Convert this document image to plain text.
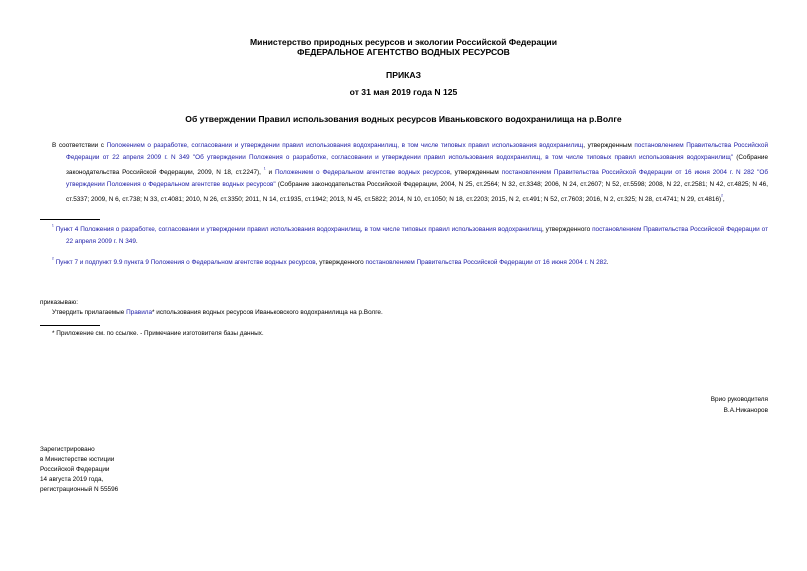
Министерство природных ресурсов и экологии Российской Федерации
ФЕДЕРАЛЬНОЕ АГЕНТСТВО ВОДНЫХ РЕСУРСОВ
ПРИКАЗ
от 31 мая 2019 года N 125
Об утверждении Правил использования водных ресурсов Иваньковского водохранилища на р.Волге

В соответствии с Положением о разработке, согласовании и утверждении правил использования водохранилищ, в том числе типовых правил использования водохранилищ, утвержденным постановлением Правительства Российской Федерации от 22 апреля 2009 г. N 349 "Об утверждении Положения о разработке, согласовании и утверждении правил использования водохранилищ, в том числе типовых правил использования водохранилищ" (Собрание законодательства Российской Федерации, 2009, N 18, ст.2247), $^{^1}$ и Положением о Федеральном агентстве водных ресурсов, утвержденным постановлением Правительства Российской Федерации от 16 июня 2004 г. N 282 "Об утверждении Положения о Федеральном агентстве водных ресурсов" (Собрание законодательства Российской Федерации, 2004, N 25, ст.2564; N 32, ст.3348; 2006, N 24, ст.2607; N 52, ст.5598; 2008, N 22, ст.2581; N 42, ст.4825; N 46, ст.5337; 2009, N 6, ст.738; N 33, ст.4081; 2010, N 26, ст.3350; 2011, N 14, ст.1935, ст.1942; 2013, N 45, ст.5822; 2014, N 10, ст.1050; N 18, ст.2203; 2015, N 2, ст.491; N 52, ст.7603; 2016, N 2, ст.325; N 28, ст.4741; N 29, ст.4816)$^{^2}$,

$^{^1}$ Пункт 4 Положения о разработке, согласовании и утверждении правил использования водохранилищ, в том числе типовых правил использования водохранилищ, утвержденного постановлением Правительства Российской Федерации от 22 апреля 2009 г. N 349.

$^{^2}$ Пункт 7 и подпункт 9.9 пункта 9 Положения о Федеральном агентстве водных ресурсов, утвержденного постановлением Правительства Российской Федерации от 16 июня 2004 г. N 282.

приказываю:

Утвердить прилагаемые Правила* использования водных ресурсов Иваньковского водохранилища на р.Волге.

* Приложение см. по ссылке. - Примечание изготовителя базы данных.

Врио руководителя
В.А.Никаноров
Зарегистрировано
в Министерстве юстиции
Российской Федерации
14 августа 2019 года,
регистрационный N 55596
